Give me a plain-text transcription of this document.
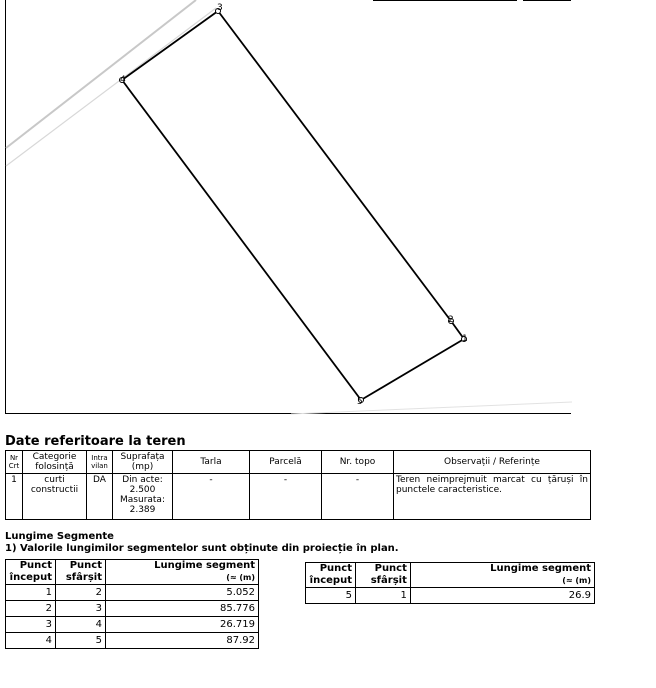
3
4
2
1
5
Date referitoare la teren
Nr Crt	Categorie folosință	Intra vilan	Suprafața (mp)	Tarla	Parcelă	Nr. topo	Observații / Referințe
1	curti constructii	DA	Din acte:
2.500
Masurata:
2.389	-	-	-	Teren neimprejmuit marcat cu țăruși în punctele caracteristice.
Lungime Segmente
1) Valorile lungimilor segmentelor sunt obținute din proiecție în plan.
Punct început	Punct sfârșit	Lungime segment
(≈ (m)

1	2	5.052
2	3	85.776
3	4	26.719
4	5	87.92
Punct început	Punct sfârșit	Lungime segment
(≈ (m)

5	1	26.9
